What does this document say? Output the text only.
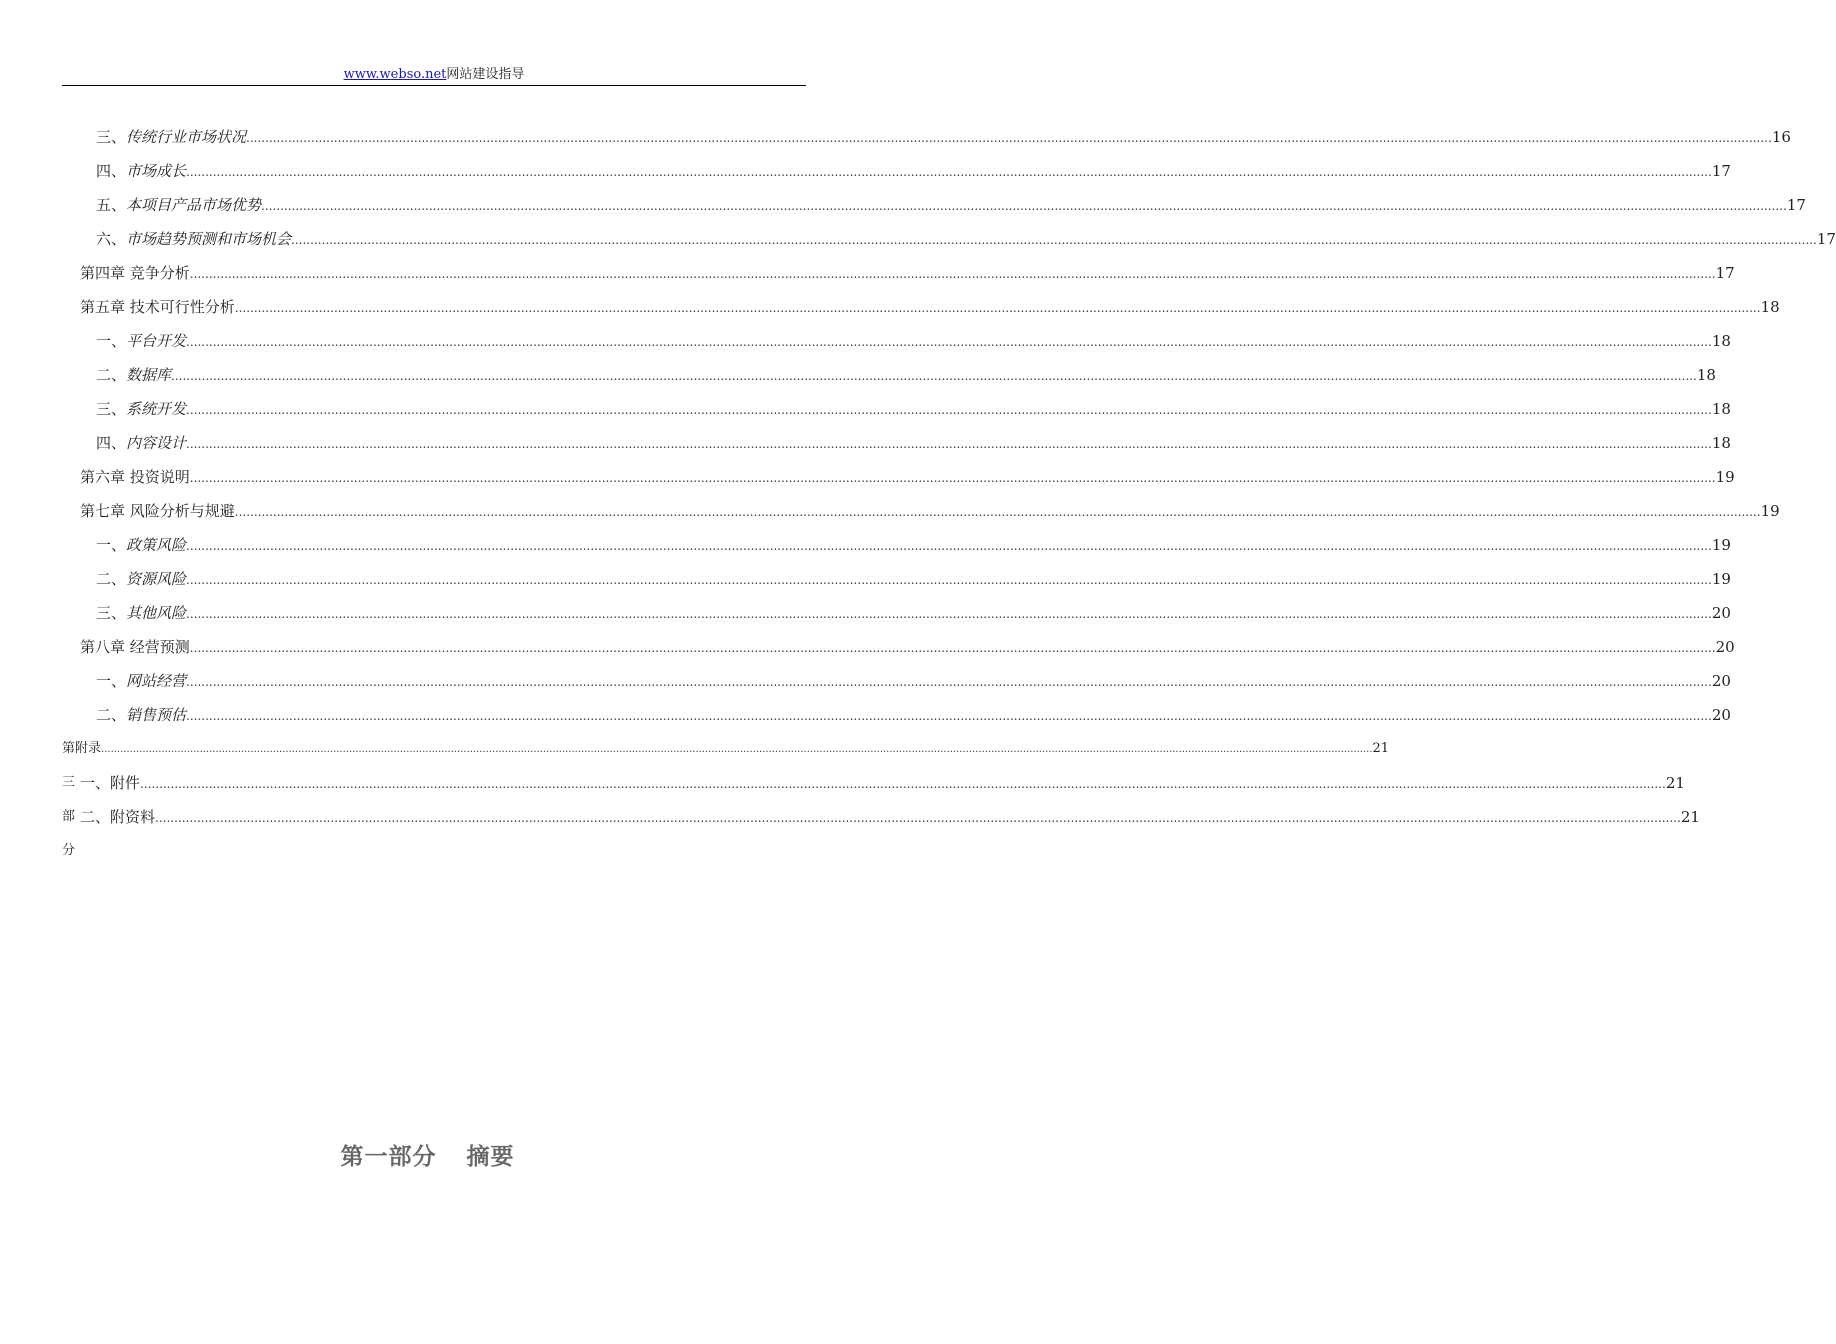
www.webso.net网站建设指导
三、 传统行业市场状况 ................................................................................................................................................................................................................................................................................................................................................................................................................ 16
四、 市场成长 ................................................................................................................................................................................................................................................................................................................................................................................................................ 17
五、 本项目产品市场优势 ................................................................................................................................................................................................................................................................................................................................................................................................................ 17
六、 市场趋势预测和市场机会 ................................................................................................................................................................................................................................................................................................................................................................................................................ 17
第四章 竞争分析 ................................................................................................................................................................................................................................................................................................................................................................................................................ 17
第五章 技术可行性分析 ................................................................................................................................................................................................................................................................................................................................................................................................................ 18
一、 平台开发 ................................................................................................................................................................................................................................................................................................................................................................................................................ 18
二、 数据库 ................................................................................................................................................................................................................................................................................................................................................................................................................ 18
三、 系统开发 ................................................................................................................................................................................................................................................................................................................................................................................................................ 18
四、 内容设计 ................................................................................................................................................................................................................................................................................................................................................................................................................ 18
第六章 投资说明 ................................................................................................................................................................................................................................................................................................................................................................................................................ 19
第七章 风险分析与规避 ................................................................................................................................................................................................................................................................................................................................................................................................................ 19
一、 政策风险 ................................................................................................................................................................................................................................................................................................................................................................................................................ 19
二、 资源风险 ................................................................................................................................................................................................................................................................................................................................................................................................................ 19
三、 其他风险 ................................................................................................................................................................................................................................................................................................................................................................................................................ 20
第八章 经营预测 ................................................................................................................................................................................................................................................................................................................................................................................................................ 20
一、 网站经营 ................................................................................................................................................................................................................................................................................................................................................................................................................ 20
二、 销售预估 ................................................................................................................................................................................................................................................................................................................................................................................................................ 20
第三部分
附录 ................................................................................................................................................................................................................................................................................................................................................................................................................ 21
一、 附件 ................................................................................................................................................................................................................................................................................................................................................................................................................ 21
二、 附资料 ................................................................................................................................................................................................................................................................................................................................................................................................................ 21
第一部分 摘要
